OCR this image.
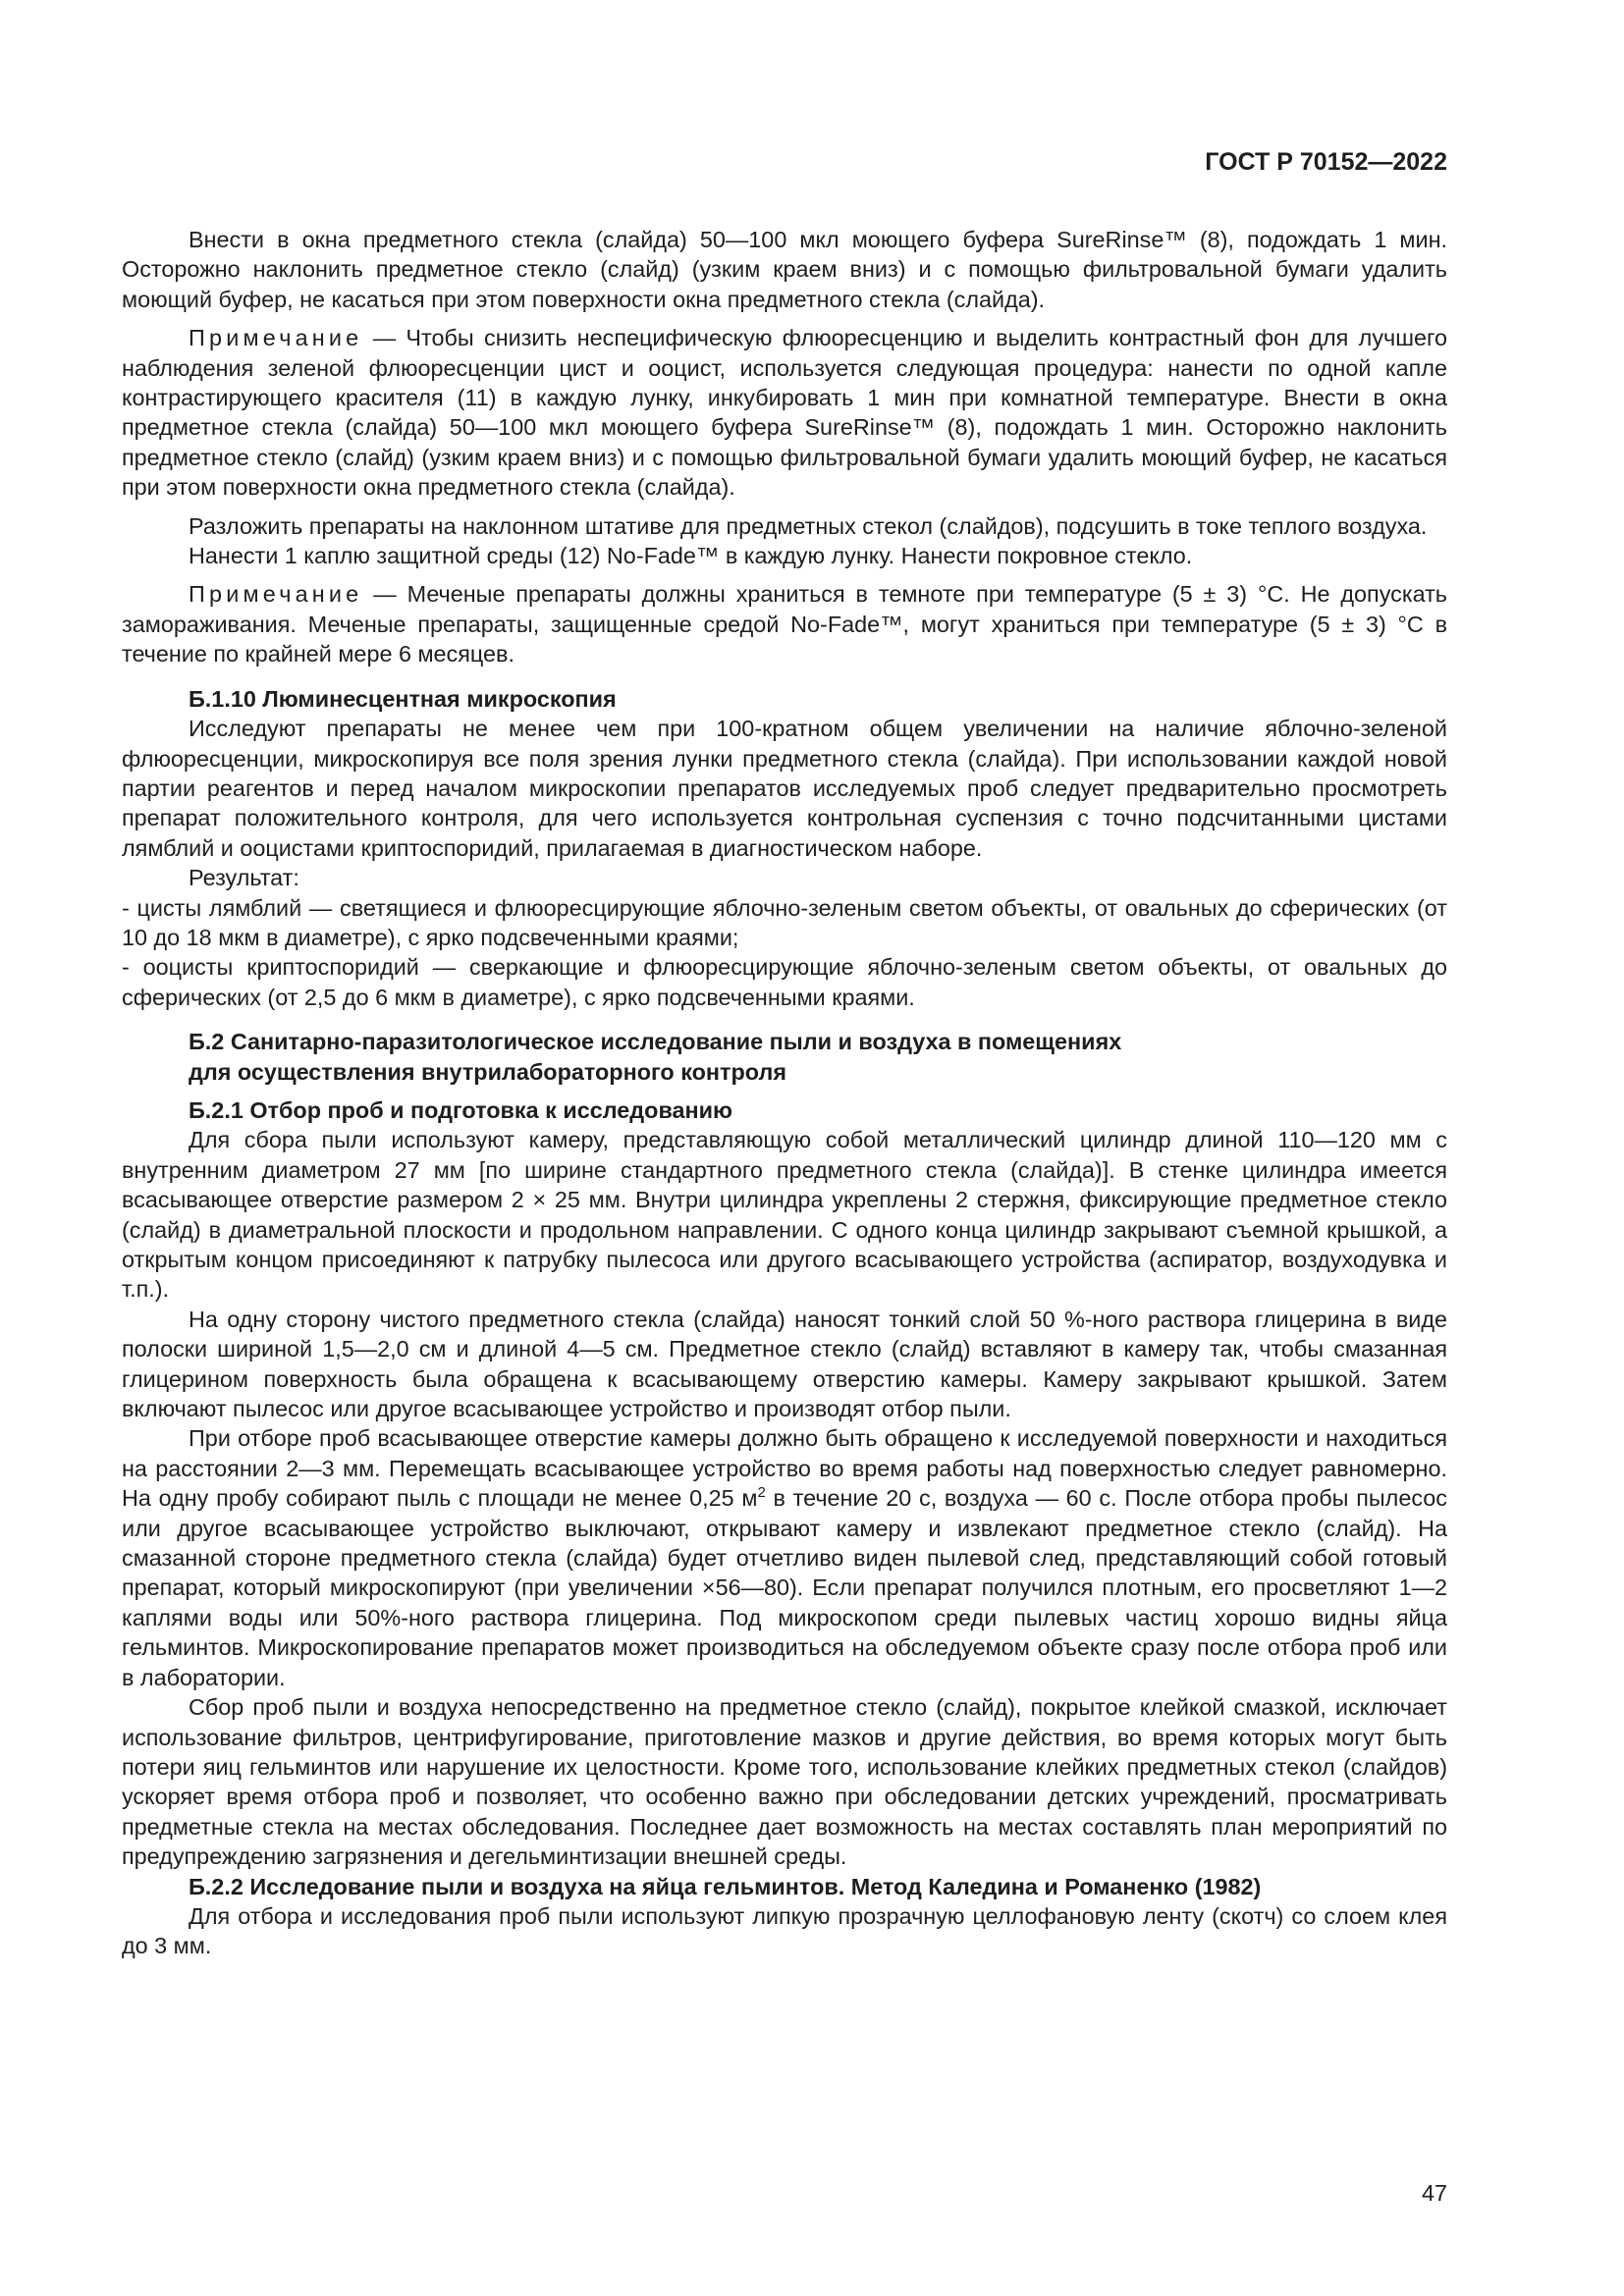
ГОСТ Р 70152—2022

Внести в окна предметного стекла (слайда) 50—100 мкл моющего буфера SureRinse™ (8), подождать 1 мин. Осторожно наклонить предметное стекло (слайд) (узким краем вниз) и с помощью фильтровальной бумаги удалить моющий буфер, не касаться при этом поверхности окна предметного стекла (слайда).

Примечание — Чтобы снизить неспецифическую флюоресценцию и выделить контрастный фон для лучшего наблюдения зеленой флюоресценции цист и ооцист, используется следующая процедура: нанести по одной капле контрастирующего красителя (11) в каждую лунку, инкубировать 1 мин при комнатной температуре. Внести в окна предметное стекла (слайда) 50—100 мкл моющего буфера SureRinse™ (8), подождать 1 мин. Осторожно наклонить предметное стекло (слайд) (узким краем вниз) и с помощью фильтровальной бумаги удалить моющий буфер, не касаться при этом поверхности окна предметного стекла (слайда).

Разложить препараты на наклонном штативе для предметных стекол (слайдов), подсушить в токе теплого воздуха.

Нанести 1 каплю защитной среды (12) No-Fade™ в каждую лунку. Нанести покровное стекло.

Примечание — Меченые препараты должны храниться в темноте при температуре (5 ± 3) °С. Не допускать замораживания. Меченые препараты, защищенные средой No-Fade™, могут храниться при температуре (5 ± 3) °С в течение по крайней мере 6 месяцев.

Б.1.10 Люминесцентная микроскопия

Исследуют препараты не менее чем при 100-кратном общем увеличении на наличие яблочно-зеленой флюоресценции, микроскопируя все поля зрения лунки предметного стекла (слайда). При использовании каждой новой партии реагентов и перед началом микроскопии препаратов исследуемых проб следует предварительно просмотреть препарат положительного контроля, для чего используется контрольная суспензия с точно подсчитанными цистами лямблий и ооцистами криптоспоридий, прилагаемая в диагностическом наборе.

Результат:

- цисты лямблий — светящиеся и флюоресцирующие яблочно-зеленым светом объекты, от овальных до сферических (от 10 до 18 мкм в диаметре), с ярко подсвеченными краями;

- ооцисты криптоспоридий — сверкающие и флюоресцирующие яблочно-зеленым светом объекты, от овальных до сферических (от 2,5 до 6 мкм в диаметре), с ярко подсвеченными краями.

Б.2 Санитарно-паразитологическое исследование пыли и воздуха в помещениях
для осуществления внутрилабораторного контроля
Б.2.1 Отбор проб и подготовка к исследованию

Для сбора пыли используют камеру, представляющую собой металлический цилиндр длиной 110—120 мм с внутренним диаметром 27 мм [по ширине стандартного предметного стекла (слайда)]. В стенке цилиндра имеется всасывающее отверстие размером 2 × 25 мм. Внутри цилиндра укреплены 2 стержня, фиксирующие предметное стекло (слайд) в диаметральной плоскости и продольном направлении. С одного конца цилиндр закрывают съемной крышкой, а открытым концом присоединяют к патрубку пылесоса или другого всасывающего устройства (аспиратор, воздуходувка и т.п.).

На одну сторону чистого предметного стекла (слайда) наносят тонкий слой 50 %-ного раствора глицерина в виде полоски шириной 1,5—2,0 см и длиной 4—5 см. Предметное стекло (слайд) вставляют в камеру так, чтобы смазанная глицерином поверхность была обращена к всасывающему отверстию камеры. Камеру закрывают крышкой. Затем включают пылесос или другое всасывающее устройство и производят отбор пыли.

При отборе проб всасывающее отверстие камеры должно быть обращено к исследуемой поверхности и находиться на расстоянии 2—3 мм. Перемещать всасывающее устройство во время работы над поверхностью следует равномерно. На одну пробу собирают пыль с площади не менее 0,25 $м^2$ в течение 20 с, воздуха — 60 с. После отбора пробы пылесос или другое всасывающее устройство выключают, открывают камеру и извлекают предметное стекло (слайд). На смазанной стороне предметного стекла (слайда) будет отчетливо виден пылевой след, представляющий собой готовый препарат, который микроскопируют (при увеличении ×56—80). Если препарат получился плотным, его просветляют 1—2 каплями воды или 50%-ного раствора глицерина. Под микроскопом среди пылевых частиц хорошо видны яйца гельминтов. Микроскопирование препаратов может производиться на обследуемом объекте сразу после отбора проб или в лаборатории.

Сбор проб пыли и воздуха непосредственно на предметное стекло (слайд), покрытое клейкой смазкой, исключает использование фильтров, центрифугирование, приготовление мазков и другие действия, во время которых могут быть потери яиц гельминтов или нарушение их целостности. Кроме того, использование клейких предметных стекол (слайдов) ускоряет время отбора проб и позволяет, что особенно важно при обследовании детских учреждений, просматривать предметные стекла на местах обследования. Последнее дает возможность на местах составлять план мероприятий по предупреждению загрязнения и дегельминтизации внешней среды.

Б.2.2 Исследование пыли и воздуха на яйца гельминтов. Метод Каледина и Романенко (1982)

Для отбора и исследования проб пыли используют липкую прозрачную целлофановую ленту (скотч) со слоем клея до 3 мм.

47
